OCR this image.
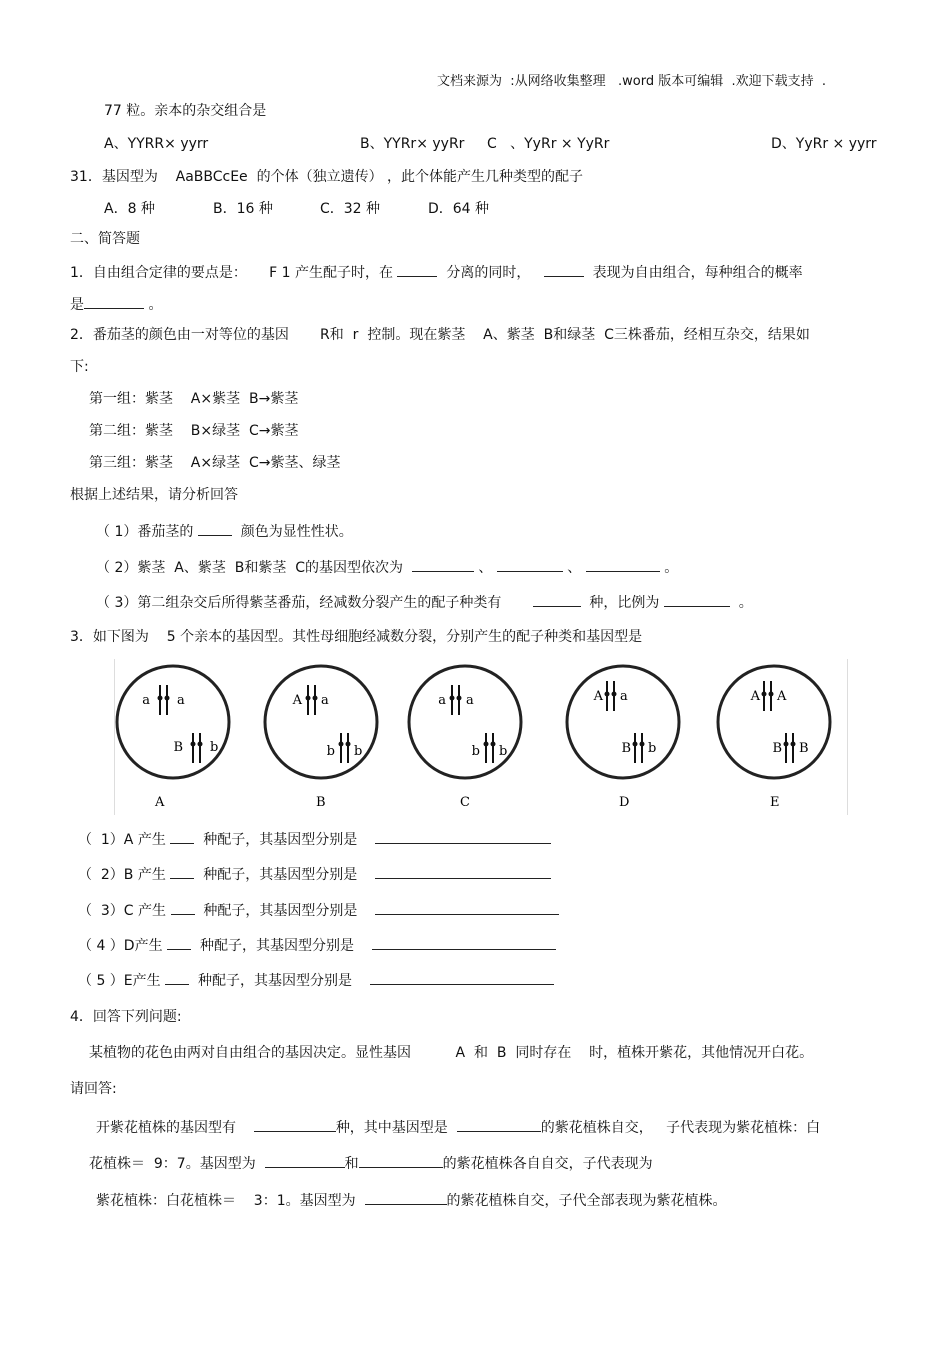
文档来源为  :从网络收集整理   .word 版本可编辑  .欢迎下载支持  .
77 粒。亲本的杂交组合是
A、YYRR× yyrr	B、YYRr× yyRr C   、YyRr × YyRr	D、YyRr × yyrr
31．基因型为    AaBBCcEe  的个体（独立遗传） ，此个体能产生几种类型的配子
A．8 种	B．16 种	C．32 种	D．64 种
二、简答题
1．自由组合定律的要点是：     F 1 产生配子时，在	分离的同时，	表现为自由组合，每种组合的概率
是	。
2．番茄茎的颜色由一对等位的基因       R和  r  控制。现在紫茎    A、紫茎  B和绿茎  C三株番茄，经相互杂交，结果如
下:
第一组：紫茎    A×紫茎  B→紫茎
第二组：紫茎    B×绿茎  C→紫茎
第三组：紫茎    A×绿茎  C→紫茎、绿茎
根据上述结果，请分析回答
（ 1）番茄茎的	颜色为显性性状。
（ 2）紫茎  A、紫茎  B和紫茎  C的基因型依次为	、	、	。
（ 3）第二组杂交后所得紫茎番茄，经减数分裂产生的配子种类有	种，比例为	。
3．如下图为    5 个亲本的基因型。其性母细胞经减数分裂，分别产生的配子种类和基因型是
a a
B b
A
A a
b b
B
a a
b b
C
A a
B b
D
A A
B B
E
（  1）A 产生	种配子，其基因型分别是
（  2）B 产生	种配子，其基因型分别是
（  3）C 产生	种配子，其基因型分别是
（ 4 ）D产生	种配子，其基因型分别是
（ 5 ）E产生	种配子，其基因型分别是
4．回答下列问题:
某植物的花色由两对自由组合的基因决定。显性基因          A  和  B  同时存在    时，植株开紫花，其他情况开白花。
请回答:
开紫花植株的基因型有	种，其中基因型是	的紫花植株自交，   子代表现为紫花植株：白
花植株＝  9：7。基因型为	和	的紫花植株各自自交，子代表现为
紫花植株：白花植株＝    3：1。基因型为	的紫花植株自交，子代全部表现为紫花植株。
